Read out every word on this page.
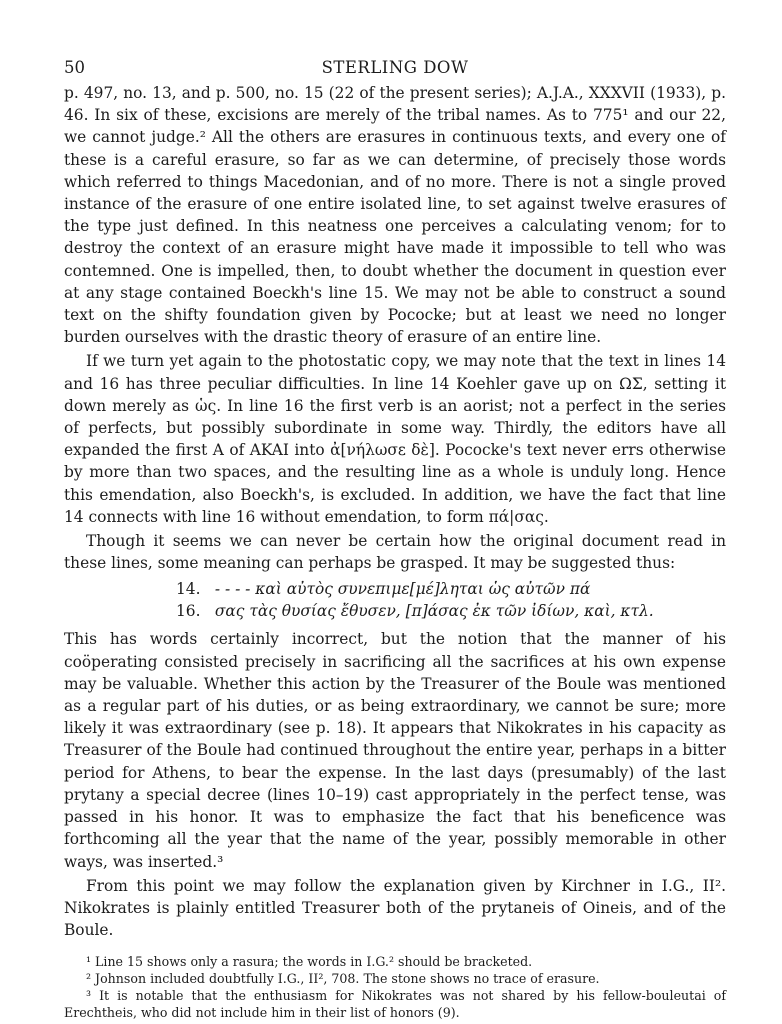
50	STERLING DOW

p. 497, no. 13, and p. 500, no. 15 (22 of the present series); A.J.A., XXXVII (1933), p. 46. In six of these, excisions are merely of the tribal names. As to 775¹ and our 22, we cannot judge.² All the others are erasures in continuous texts, and every one of these is a careful erasure, so far as we can determine, of precisely those words which referred to things Macedonian, and of no more. There is not a single proved instance of the erasure of one entire isolated line, to set against twelve erasures of the type just defined. In this neatness one perceives a calculating venom; for to destroy the context of an erasure might have made it impossible to tell who was contemned. One is impelled, then, to doubt whether the document in question ever at any stage contained Boeckh's line 15. We may not be able to construct a sound text on the shifty foundation given by Pococke; but at least we need no longer burden ourselves with the drastic theory of erasure of an entire line.

If we turn yet again to the photostatic copy, we may note that the text in lines 14 and 16 has three peculiar difficulties. In line 14 Koehler gave up on ΩΣ, setting it down merely as ὡς. In line 16 the first verb is an aorist; not a perfect in the series of perfects, but possibly subordinate in some way. Thirdly, the editors have all expanded the first A of AKAI into ἀ[νήλωσε δὲ]. Pococke's text never errs otherwise by more than two spaces, and the resulting line as a whole is unduly long. Hence this emendation, also Boeckh's, is excluded. In addition, we have the fact that line 14 connects with line 16 without emendation, to form πά|σας.

Though it seems we can never be certain how the original document read in these lines, some meaning can perhaps be grasped. It may be suggested thus:

14. - - - - καὶ αὐτὸς συνεπιμε[μέ]ληται ὡς αὐτῶν πά
16. σας τὰς θυσίας ἔθυσεν, [π]άσας ἐκ τῶν ἰδίων, καὶ, κτλ.

This has words certainly incorrect, but the notion that the manner of his coöperating consisted precisely in sacrificing all the sacrifices at his own expense may be valuable. Whether this action by the Treasurer of the Boule was mentioned as a regular part of his duties, or as being extraordinary, we cannot be sure; more likely it was extraordinary (see p. 18). It appears that Nikokrates in his capacity as Treasurer of the Boule had continued throughout the entire year, perhaps in a bitter period for Athens, to bear the expense. In the last days (presumably) of the last prytany a special decree (lines 10–19) cast appropriately in the perfect tense, was passed in his honor. It was to emphasize the fact that his beneficence was forthcoming all the year that the name of the year, possibly memorable in other ways, was inserted.³

From this point we may follow the explanation given by Kirchner in I.G., II². Nikokrates is plainly entitled Treasurer both of the prytaneis of Oineis, and of the Boule.

¹ Line 15 shows only a rasura; the words in I.G.² should be bracketed.

² Johnson included doubtfully I.G., II², 708. The stone shows no trace of erasure.

³ It is notable that the enthusiasm for Nikokrates was not shared by his fellow-bouleutai of Erechtheis, who did not include him in their list of honors (9).
